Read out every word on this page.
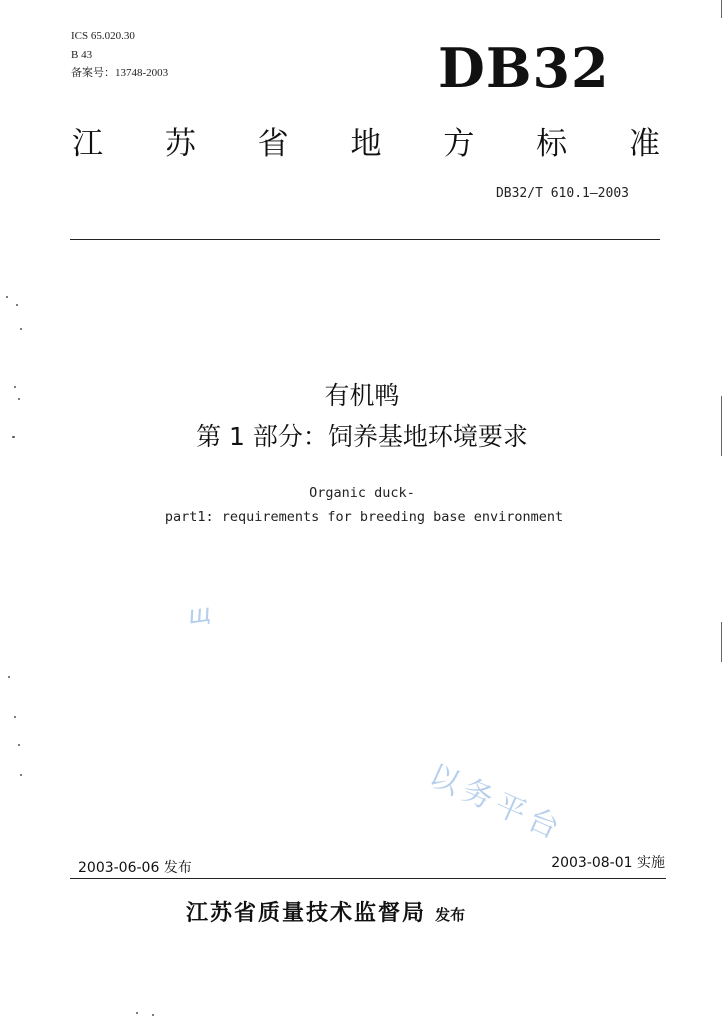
ICS 65.020.30
B 43
备案号：13748-2003	DB32
江 苏 省 地 方 标 准
DB32/T 610.1—2003
有机鸭
第 1 部分：饲养基地环境要求
Organic duck-
part1: requirements for breeding base environment
щ
以务平台
2003-06-06 发布	2003-08-01 实施
江苏省质量技术监督局 发布
